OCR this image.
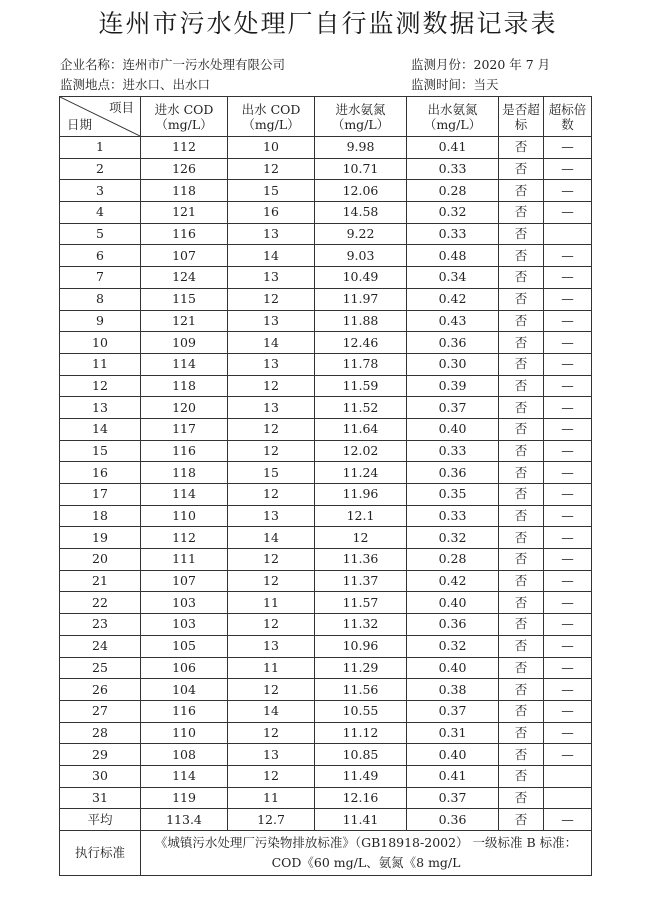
连州市污水处理厂自行监测数据记录表
企业名称：连州市广一污水处理有限公司	监测月份：2020 年 7 月
监测地点：进水口、出水口	监测时间：当天
项目
日期	进水 COD（mg/L）	出水 COD（mg/L）	进水氨氮（mg/L）	出水氨氮（mg/L）	是否超标	超标倍数
1	112	10	9.98	0.41	否	—
2	126	12	10.71	0.33	否	—
3	118	15	12.06	0.28	否	—
4	121	16	14.58	0.32	否	—
5	116	13	9.22	0.33	否	
6	107	14	9.03	0.48	否	—
7	124	13	10.49	0.34	否	—
8	115	12	11.97	0.42	否	—
9	121	13	11.88	0.43	否	—
10	109	14	12.46	0.36	否	—
11	114	13	11.78	0.30	否	—
12	118	12	11.59	0.39	否	—
13	120	13	11.52	0.37	否	—
14	117	12	11.64	0.40	否	—
15	116	12	12.02	0.33	否	—
16	118	15	11.24	0.36	否	—
17	114	12	11.96	0.35	否	—
18	110	13	12.1	0.33	否	—
19	112	14	12	0.32	否	—
20	111	12	11.36	0.28	否	—
21	107	12	11.37	0.42	否	—
22	103	11	11.57	0.40	否	—
23	103	12	11.32	0.36	否	—
24	105	13	10.96	0.32	否	—
25	106	11	11.29	0.40	否	—
26	104	12	11.56	0.38	否	—
27	116	14	10.55	0.37	否	—
28	110	12	11.12	0.31	否	—
29	108	13	10.85	0.40	否	—
30	114	12	11.49	0.41	否	
31	119	11	12.16	0.37	否	
平均	113.4	12.7	11.41	0.36	否	—
执行标准	《城镇污水处理厂污染物排放标准》（GB18918-2002） 一级标准 B 标准：COD《60 mg/L、氨氮《8 mg/L					
